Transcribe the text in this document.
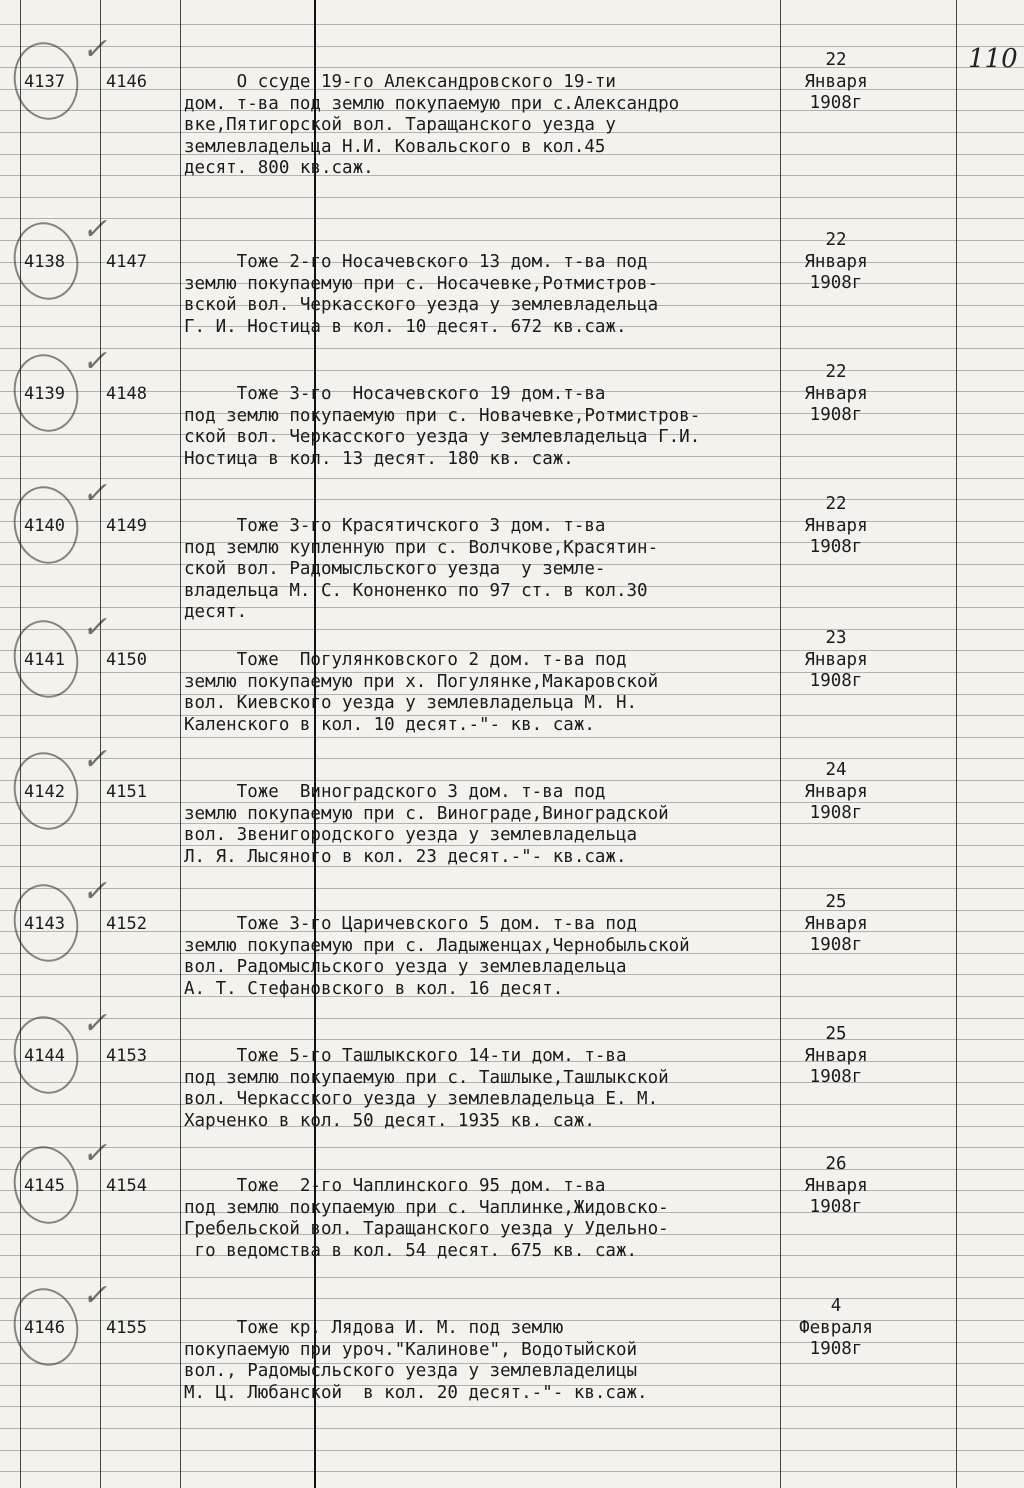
110
✓
4137 4146 О ссуде 19-го Александровского 19-ти
дом. т-ва под землю покупаемую при с.Александро
вке,Пятигорской вол. Таращанского уезда у
землевладельца Н.И. Ковальского в кол.45
десят. 800 кв.саж.
22
Января
1908г
✓
4138 4147 Тоже 2-го Носачевского 13 дом. т-ва под
землю покупаемую при с. Носачевке,Ротмистров-
вской вол. Черкасского уезда у землевладельца
Г. И. Ностица в кол. 10 десят. 672 кв.саж.
22
Января
1908г
✓
4139 4148 Тоже 3-го  Носачевского 19 дом.т-ва
под землю покупаемую при с. Новачевке,Ротмистров-
ской вол. Черкасского уезда у землевладельца Г.И.
Ностица в кол. 13 десят. 180 кв. саж.
22
Января
1908г
✓
4140 4149 Тоже 3-го Красятичского 3 дом. т-ва
под землю купленную при с. Волчкове,Красятин-
ской вол. Радомысльского уезда  у землe-
владельца М. С. Кононенко по 97 ст. в кол.30
десят.
22
Января
1908г
✓
4141 4150 Тоже  Погулянковского 2 дом. т-ва под
землю покупаемую при х. Погулянке,Макаровской
вол. Киевского уезда у землевладельца М. Н.
Каленского в кол. 10 десят.-"- кв. саж.
23
Января
1908г
✓
4142 4151 Тоже  Виноградского 3 дом. т-ва под
землю покупаемую при с. Винограде,Виноградской
вол. Звенигородского уезда у землевладельца
Л. Я. Лысяного в кол. 23 десят.-"- кв.саж.
24
Января
1908г
✓
4143 4152 Тоже 3-го Царичевского 5 дом. т-ва под
землю покупаемую при с. Ладыженцах,Чернобыльской
вол. Радомысльского уезда у землевладельца
А. Т. Стефановского в кол. 16 десят.
25
Января
1908г
✓
4144 4153 Тоже 5-го Ташлыкского 14-ти дом. т-ва
под землю покупаемую при с. Ташлыке,Ташлыкской
вол. Черкасского уезда у землевладельца Е. М.
Харченко в кол. 50 десят. 1935 кв. саж.
25
Января
1908г
✓
4145 4154 Тоже  2-го Чаплинского 95 дом. т-ва
под землю покупаемую при с. Чаплинке,Жидовско-
Гребельской вол. Таращанского уезда у Удельно-
го ведомства в кол. 54 десят. 675 кв. саж.
26
Января
1908г
✓
4146 4155 Тоже кр. Лядова И. М. под землю
покупаемую при уроч."Калинове", Водотыйской
вол., Радомысльского уезда у землевладелицы
М. Ц. Любанской  в кол. 20 десят.-"- кв.саж.
4
Февраля
1908г
